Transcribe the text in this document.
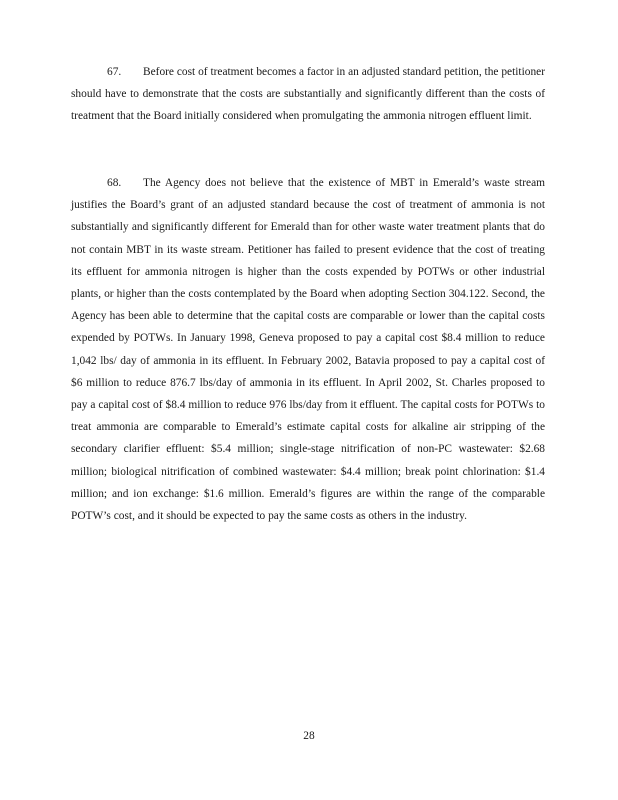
67. Before cost of treatment becomes a factor in an adjusted standard petition, the petitioner should have to demonstrate that the costs are substantially and significantly different than the costs of treatment that the Board initially considered when promulgating the ammonia nitrogen effluent limit.

68. The Agency does not believe that the existence of MBT in Emerald’s waste stream justifies the Board’s grant of an adjusted standard because the cost of treatment of ammonia is not substantially and significantly different for Emerald than for other waste water treatment plants that do not contain MBT in its waste stream. Petitioner has failed to present evidence that the cost of treating its effluent for ammonia nitrogen is higher than the costs expended by POTWs or other industrial plants, or higher than the costs contemplated by the Board when adopting Section 304.122. Second, the Agency has been able to determine that the capital costs are comparable or lower than the capital costs expended by POTWs. In January 1998, Geneva proposed to pay a capital cost $8.4 million to reduce 1,042 lbs/ day of ammonia in its effluent. In February 2002, Batavia proposed to pay a capital cost of $6 million to reduce 876.7 lbs/day of ammonia in its effluent. In April 2002, St. Charles proposed to pay a capital cost of $8.4 million to reduce 976 lbs/day from it effluent. The capital costs for POTWs to treat ammonia are comparable to Emerald’s estimate capital costs for alkaline air stripping of the secondary clarifier effluent: $5.4 million; single-stage nitrification of non-PC wastewater: $2.68 million; biological nitrification of combined wastewater: $4.4 million; break point chlorination: $1.4 million; and ion exchange: $1.6 million. Emerald’s figures are within the range of the comparable POTW’s cost, and it should be expected to pay the same costs as others in the industry.

28
